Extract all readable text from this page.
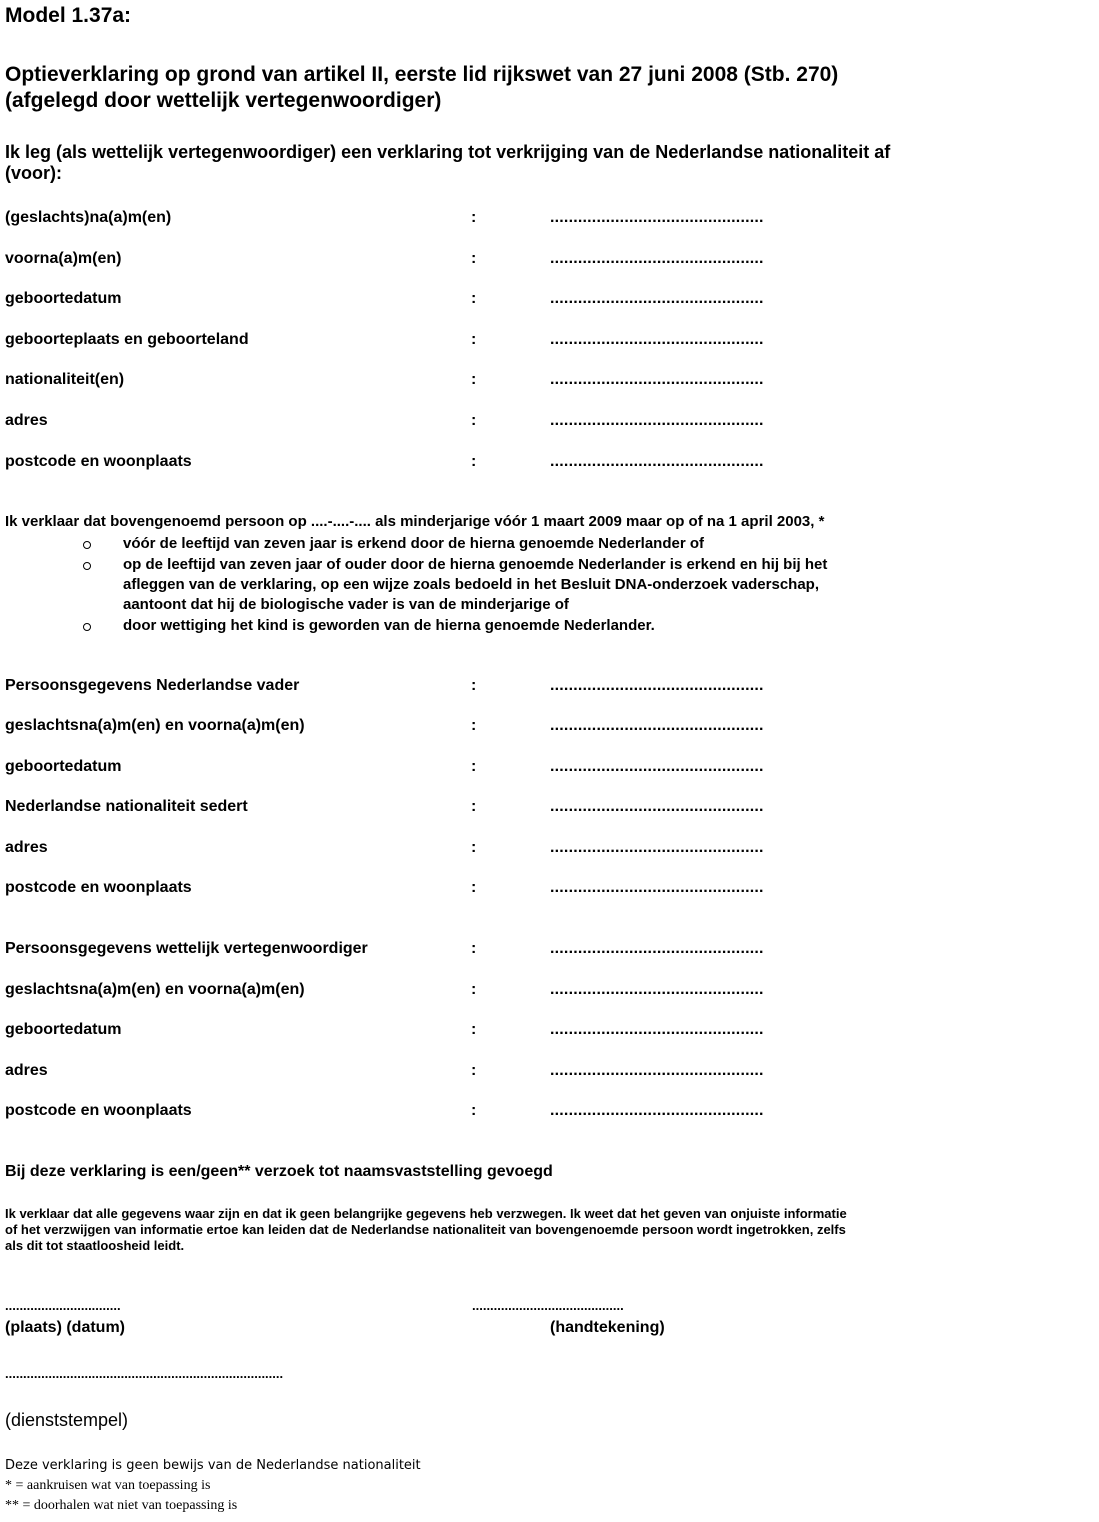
Model 1.37a:
Optieverklaring op grond van artikel II, eerste lid rijkswet van 27 juni 2008 (Stb. 270)
(afgelegd door wettelijk vertegenwoordiger)
Ik leg (als wettelijk vertegenwoordiger) een verklaring tot verkrijging van de Nederlandse nationaliteit af
(voor):
(geslachts)na(a)m(en)	:	..............................................
voorna(a)m(en)	:	..............................................
geboortedatum	:	..............................................
geboorteplaats en geboorteland	:	..............................................
nationaliteit(en)	:	..............................................
adres	:	..............................................
postcode en woonplaats	:	..............................................
Ik verklaar dat bovengenoemd persoon op ....-....-.... als minderjarige vóór 1 maart 2009 maar op of na 1 april 2003, *
vóór de leeftijd van zeven jaar is erkend door de hierna genoemde Nederlander of
op de leeftijd van zeven jaar of ouder door de hierna genoemde Nederlander is erkend en hij bij het
afleggen van de verklaring, op een wijze zoals bedoeld in het Besluit DNA-onderzoek vaderschap,
aantoont dat hij de biologische vader is van de minderjarige of
door wettiging het kind is geworden van de hierna genoemde Nederlander.
Persoonsgegevens Nederlandse vader	:	..............................................
geslachtsna(a)m(en) en voorna(a)m(en)	:	..............................................
geboortedatum	:	..............................................
Nederlandse nationaliteit sedert	:	..............................................
adres	:	..............................................
postcode en woonplaats	:	..............................................
Persoonsgegevens wettelijk vertegenwoordiger	:	..............................................
geslachtsna(a)m(en) en voorna(a)m(en)	:	..............................................
geboortedatum	:	..............................................
adres	:	..............................................
postcode en woonplaats	:	..............................................
Bij deze verklaring is een/geen** verzoek tot naamsvaststelling gevoegd
Ik verklaar dat alle gegevens waar zijn en dat ik geen belangrijke gegevens heb verzwegen. Ik weet dat het geven van onjuiste informatie
of het verzwijgen van informatie ertoe kan leiden dat de Nederlandse nationaliteit van bovengenoemde persoon wordt ingetrokken, zelfs
als dit tot staatloosheid leidt.
................................	..........................................
(plaats) (datum)	(handtekening)
.............................................................................
(dienststempel)
Deze verklaring is geen bewijs van de Nederlandse nationaliteit
* = aankruisen wat van toepassing is
** = doorhalen wat niet van toepassing is
